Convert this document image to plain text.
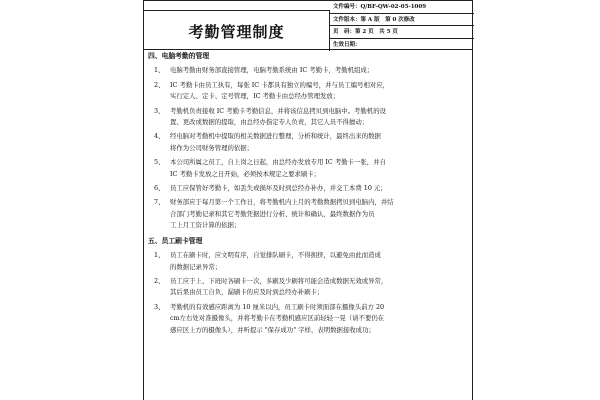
考勤管理制度
文件编号：Q/BF-QW-02-05-1009
文件版本：第 A 版　第 0 次修改
页　码：第 2 页　共 5 页
生效日期：
四、电脑考勤的管理
1、 电脑考勤由财务部直接管理，电脑考勤系统由 IC 考勤卡，考勤机组成；
2、 IC 考勤卡由员工执有，每张 IC 卡都具有独立的编号，并与员工编号相对应，
实行定人、定卡、定号管理，IC 考勤卡由总经办管理发放；
3、 考勤机负责接收 IC 考勤卡考勤信息，并将该信息拷贝到电脑中。考勤机的设
置、更改或数据的提取，由总经办指定专人负责，其它人员不得擅动；
4、 经电脑对考勤机中提取的相关数据进行整理，分析和统计，最终出来的数据
将作为公司财务管理的依据；
5、 本公司所属之员工，自上岗之日起，由总经办发放专用 IC 考勤卡一张，并自
IC 考勤卡发放之日开始，必须按本规定之要求刷卡；
6、 员工应保管好考勤卡，如丢失或损坏及时到总经办补办，并交工本费 10 元；
7、 财务部应于每月第一个工作日，将考勤机内上月的考勤数据拷贝到电脑内，并结
合部门考勤记录和其它考勤凭据进行分析、统计和确认，最终数据作为员
工上月工资计算的依据；
五、员工刷卡管理
1、 员工在刷卡时，应文明有序，自觉排队刷卡，不得拥挤，以避免由此而造成
的数据记录异常；
2、 员工应于上、下班时各刷卡一次，多刷及少刷将可能会造成数据无效或异常，
其后果由员工自负，漏刷卡的应及时到总经办补刷卡；
3、 考勤机的有效感应距离为 10 厘米以内，员工刷卡时须面部在摄像头前方 20
cm左右处对准摄像头，并将考勤卡在考勤机感应区前轻轻一晃（请不要仍在
感应区上方的摄像头），并听提示 "保存成功" 字样，表明数据接收成功；
